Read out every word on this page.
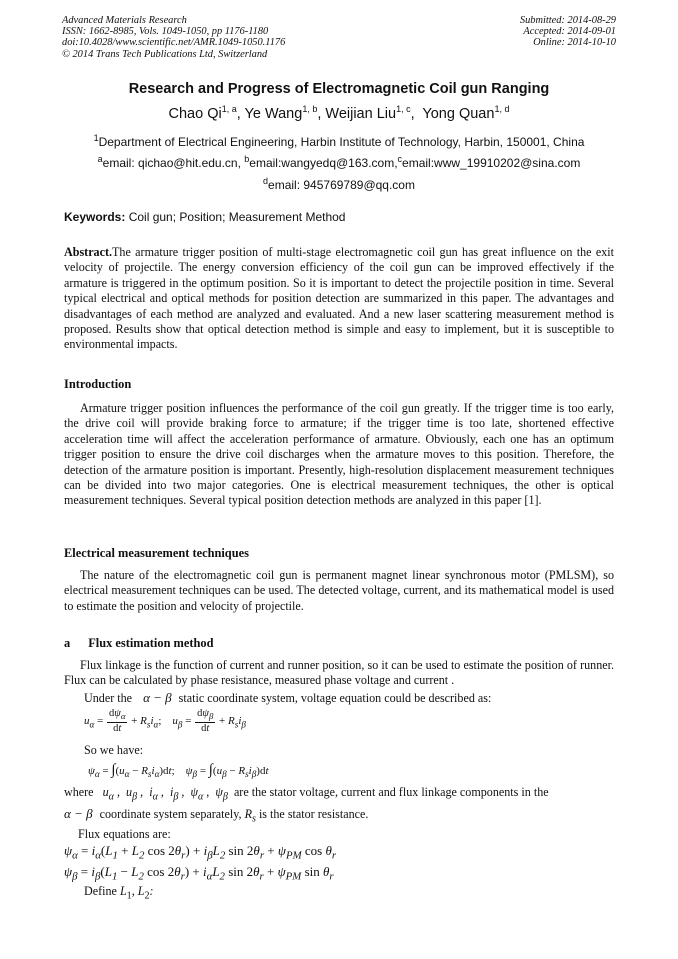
Advanced Materials Research
ISSN: 1662-8985, Vols. 1049-1050, pp 1176-1180
doi:10.4028/www.scientific.net/AMR.1049-1050.1176
© 2014 Trans Tech Publications Ltd, Switzerland
Submitted: 2014-08-29
Accepted: 2014-09-01
Online: 2014-10-10
Research and Progress of Electromagnetic Coil gun Ranging
Chao Qi$^{1, a}$, Ye Wang$^{1, b}$, Weijian Liu$^{1, c}$,  Yong Quan$^{1, d}$
$^1$Department of Electrical Engineering, Harbin Institute of Technology, Harbin, 150001, China
$^a$email: qichao@hit.edu.cn, $^b$email:wangyedq@163.com,$^c$email:www_19910202@sina.com
$^d$email: 945769789@qq.com
Keywords: Coil gun; Position; Measurement Method
Abstract.The armature trigger position of multi-stage electromagnetic coil gun has great influence on the exit velocity of projectile. The energy conversion efficiency of the coil gun can be improved effectively if the armature is triggered in the optimum position. So it is important to detect the projectile position in time. Several typical electrical and optical methods for position detection are summarized in this paper. The advantages and disadvantages of each method are analyzed and evaluated. And a new laser scattering measurement method is proposed. Results show that optical detection method is simple and easy to implement, but it is susceptible to environmental impacts.
Introduction
Armature trigger position influences the performance of the coil gun greatly. If the trigger time is too early, the drive coil will provide braking force to armature; if the trigger time is too late, shortened effective acceleration time will affect the acceleration performance of armature. Obviously, each one has an optimum trigger position to ensure the drive coil discharges when the armature moves to this position. Therefore, the detection of the armature position is important. Presently, high-resolution displacement measurement techniques can be divided into two major categories. One is electrical measurement techniques, the other is optical measurement techniques. Several typical position detection methods are analyzed in this paper [1].
Electrical measurement techniques
The nature of the electromagnetic coil gun is permanent magnet linear synchronous motor (PMLSM), so electrical measurement techniques can be used. The detected voltage, current, and its mathematical model is used to estimate the position and velocity of projectile.
a Flux estimation method
Flux linkage is the function of current and runner position, so it can be used to estimate the position of runner. Flux can be calculated by phase resistance, measured phase voltage and current .
Under the α − β static coordinate system, voltage equation could be described as:
$u_\alpha = \frac{d\psi_\alpha}{dt} + R_si_\alpha$;    $u_\beta = \frac{d\psi_\beta}{dt} + R_si_\beta$
So we have:
$\psi_\alpha = \int(u_\alpha - R_si_\alpha)dt$;    $\psi_\beta = \int(u_\beta - R_si_\beta)dt$
where $u_\alpha$ ,  $u_\beta$ ,  $i_\alpha$ ,  $i_\beta$ ,  $\psi_\alpha$ ,  $\psi_\beta$ are the stator voltage, current and flux linkage components in the
α − β coordinate system separately, $R_s$ is the stator resistance.
Flux equations are:
$\psi_\alpha = i_\alpha(L_1 + L_2$ $\cos 2\theta_r) + i_\beta L_2$ $\sin 2\theta_r + \psi_{PM}$ $\cos \theta_r$
$\psi_\beta = i_\beta(L_1 - L_2$ $\cos 2\theta_r) + i_\alpha L_2$ $\sin 2\theta_r + \psi_{PM}$ $\sin \theta_r$
Define $L_1$, $L_2$:
